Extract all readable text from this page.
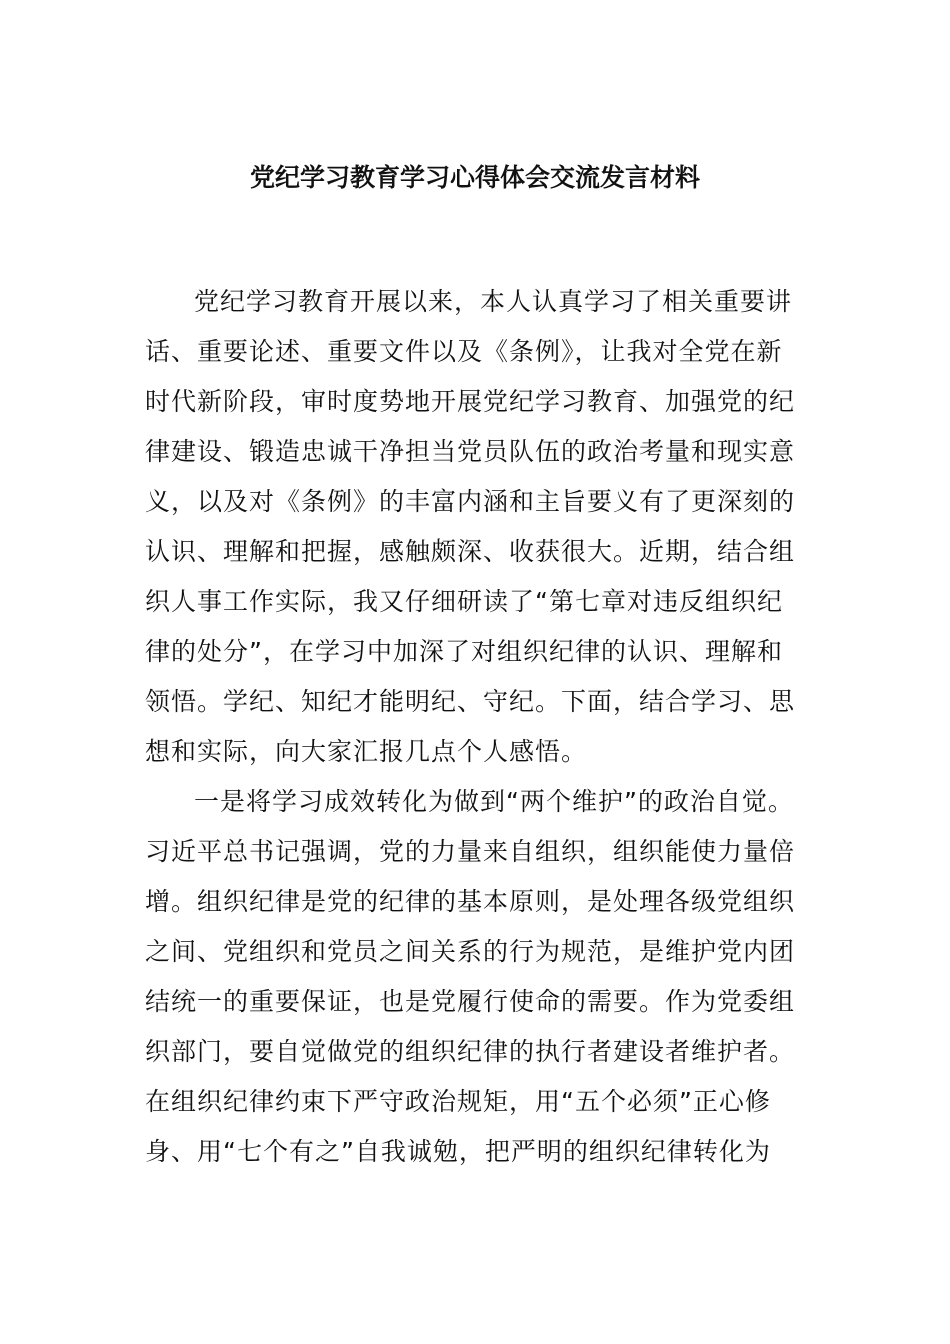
党纪学习教育学习心得体会交流发言材料

党纪学习教育开展以来，本人认真学习了相关重要讲

话、重要论述、重要文件以及《条例》，让我对全党在新

时代新阶段，审时度势地开展党纪学习教育、加强党的纪

律建设、锻造忠诚干净担当党员队伍的政治考量和现实意

义，以及对《条例》的丰富内涵和主旨要义有了更深刻的

认识、理解和把握，感触颇深、收获很大。近期，结合组

织人事工作实际，我又仔细研读了“第七章对违反组织纪

律的处分”，在学习中加深了对组织纪律的认识、理解和

领悟。学纪、知纪才能明纪、守纪。下面，结合学习、思

想和实际，向大家汇报几点个人感悟。

一是将学习成效转化为做到“两个维护”的政治自觉。

习近平总书记强调，党的力量来自组织，组织能使力量倍

增。组织纪律是党的纪律的基本原则，是处理各级党组织

之间、党组织和党员之间关系的行为规范，是维护党内团

结统一的重要保证，也是党履行使命的需要。作为党委组

织部门，要自觉做党的组织纪律的执行者建设者维护者。

在组织纪律约束下严守政治规矩，用“五个必须”正心修

身、用“七个有之”自我诚勉，把严明的组织纪律转化为
